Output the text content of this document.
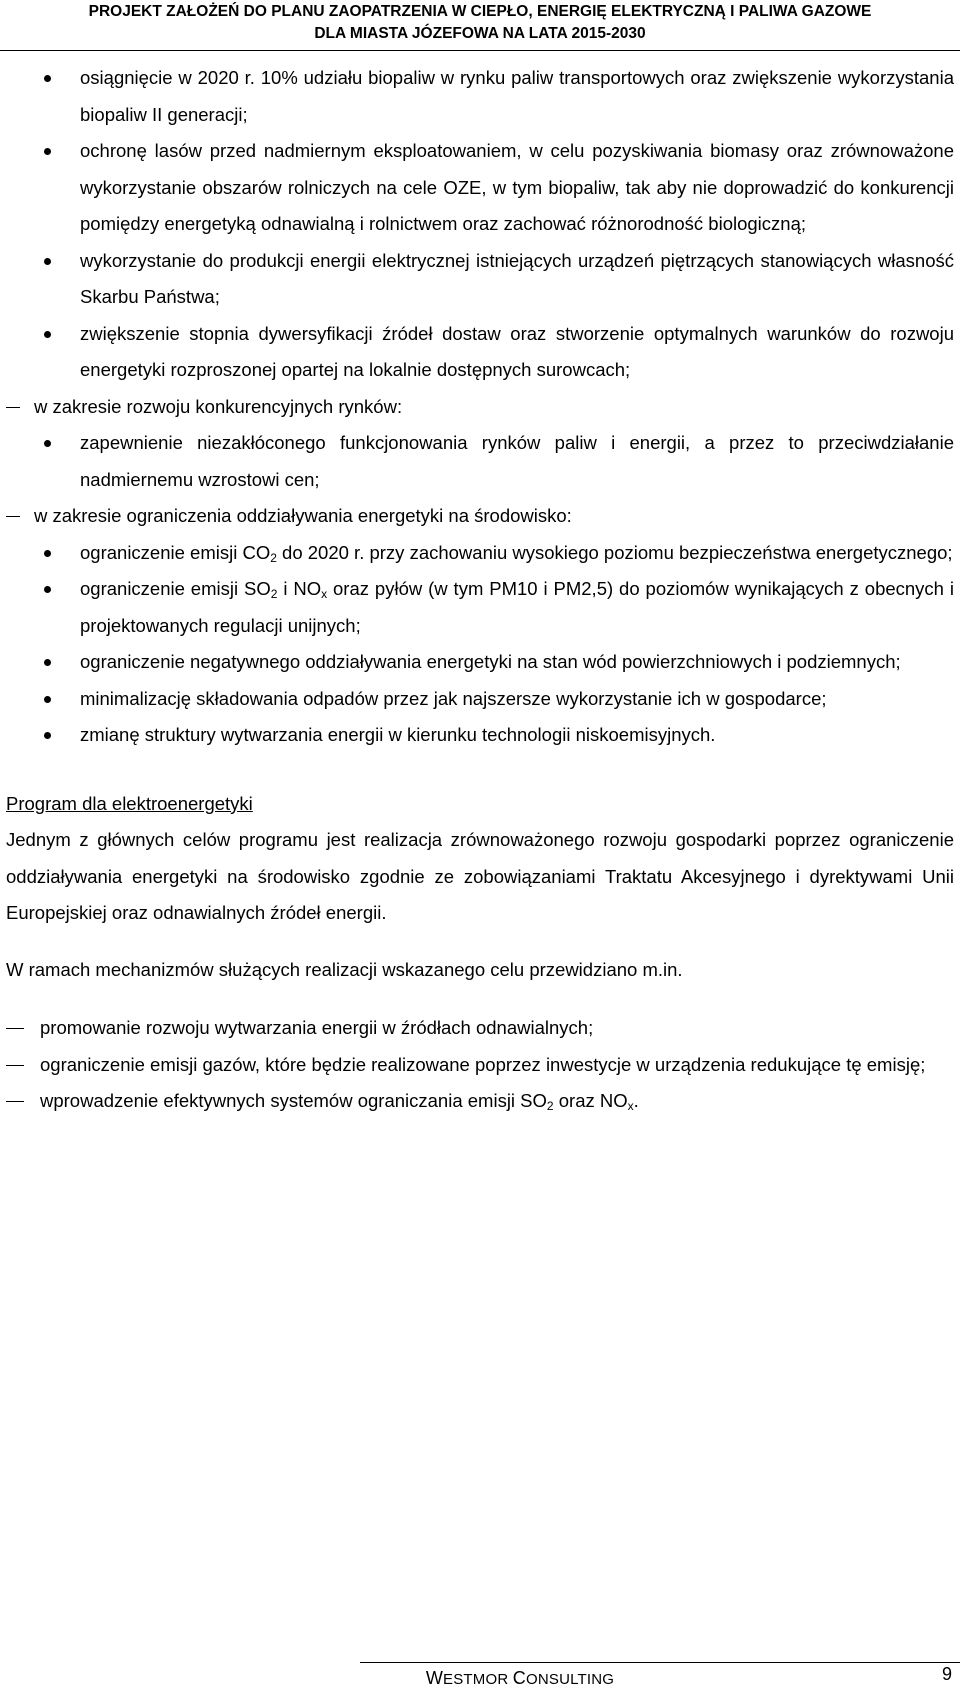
PROJEKT ZAŁOŻEŃ DO PLANU ZAOPATRZENIA W CIEPŁO, ENERGIĘ ELEKTRYCZNĄ I PALIWA GAZOWE
DLA MIASTA JÓZEFOWA NA LATA 2015-2030
osiągnięcie w 2020 r. 10% udziału biopaliw w rynku paliw transportowych oraz zwiększenie wykorzystania biopaliw II generacji;
ochronę lasów przed nadmiernym eksploatowaniem, w celu pozyskiwania biomasy oraz zrównoważone wykorzystanie obszarów rolniczych na cele OZE, w tym biopaliw, tak aby nie doprowadzić do konkurencji pomiędzy energetyką odnawialną i rolnictwem oraz zachować różnorodność biologiczną;
wykorzystanie do produkcji energii elektrycznej istniejących urządzeń piętrzących stanowiących własność Skarbu Państwa;
zwiększenie stopnia dywersyfikacji źródeł dostaw oraz stworzenie optymalnych warunków do rozwoju energetyki rozproszonej opartej na lokalnie dostępnych surowcach;
w zakresie rozwoju konkurencyjnych rynków:
zapewnienie niezakłóconego funkcjonowania rynków paliw i energii, a przez to przeciwdziałanie nadmiernemu wzrostowi cen;
w zakresie ograniczenia oddziaływania energetyki na środowisko:
ograniczenie emisji $CO_2$ do 2020 r. przy zachowaniu wysokiego poziomu bezpieczeństwa energetycznego;
ograniczenie emisji $SO_2$ i $NO_x$ oraz pyłów (w tym PM10 i PM2,5) do poziomów wynikających z obecnych i projektowanych regulacji unijnych;
ograniczenie negatywnego oddziaływania energetyki na stan wód powierzchniowych i podziemnych;
minimalizację składowania odpadów przez jak najszersze wykorzystanie ich w gospodarce;
zmianę struktury wytwarzania energii w kierunku technologii niskoemisyjnych.
Program dla elektroenergetyki
Jednym z głównych celów programu jest realizacja zrównoważonego rozwoju gospodarki poprzez ograniczenie oddziaływania energetyki na środowisko zgodnie ze zobowiązaniami Traktatu Akcesyjnego i dyrektywami Unii Europejskiej oraz odnawialnych źródeł energii.
W ramach mechanizmów służących realizacji wskazanego celu przewidziano m.in.
promowanie rozwoju wytwarzania energii w źródłach odnawialnych;
ograniczenie emisji gazów, które będzie realizowane poprzez inwestycje w urządzenia redukujące tę emisję;
wprowadzenie efektywnych systemów ograniczania emisji $SO_2$ oraz $NO_x$.
WESTMOR CONSULTING	9
